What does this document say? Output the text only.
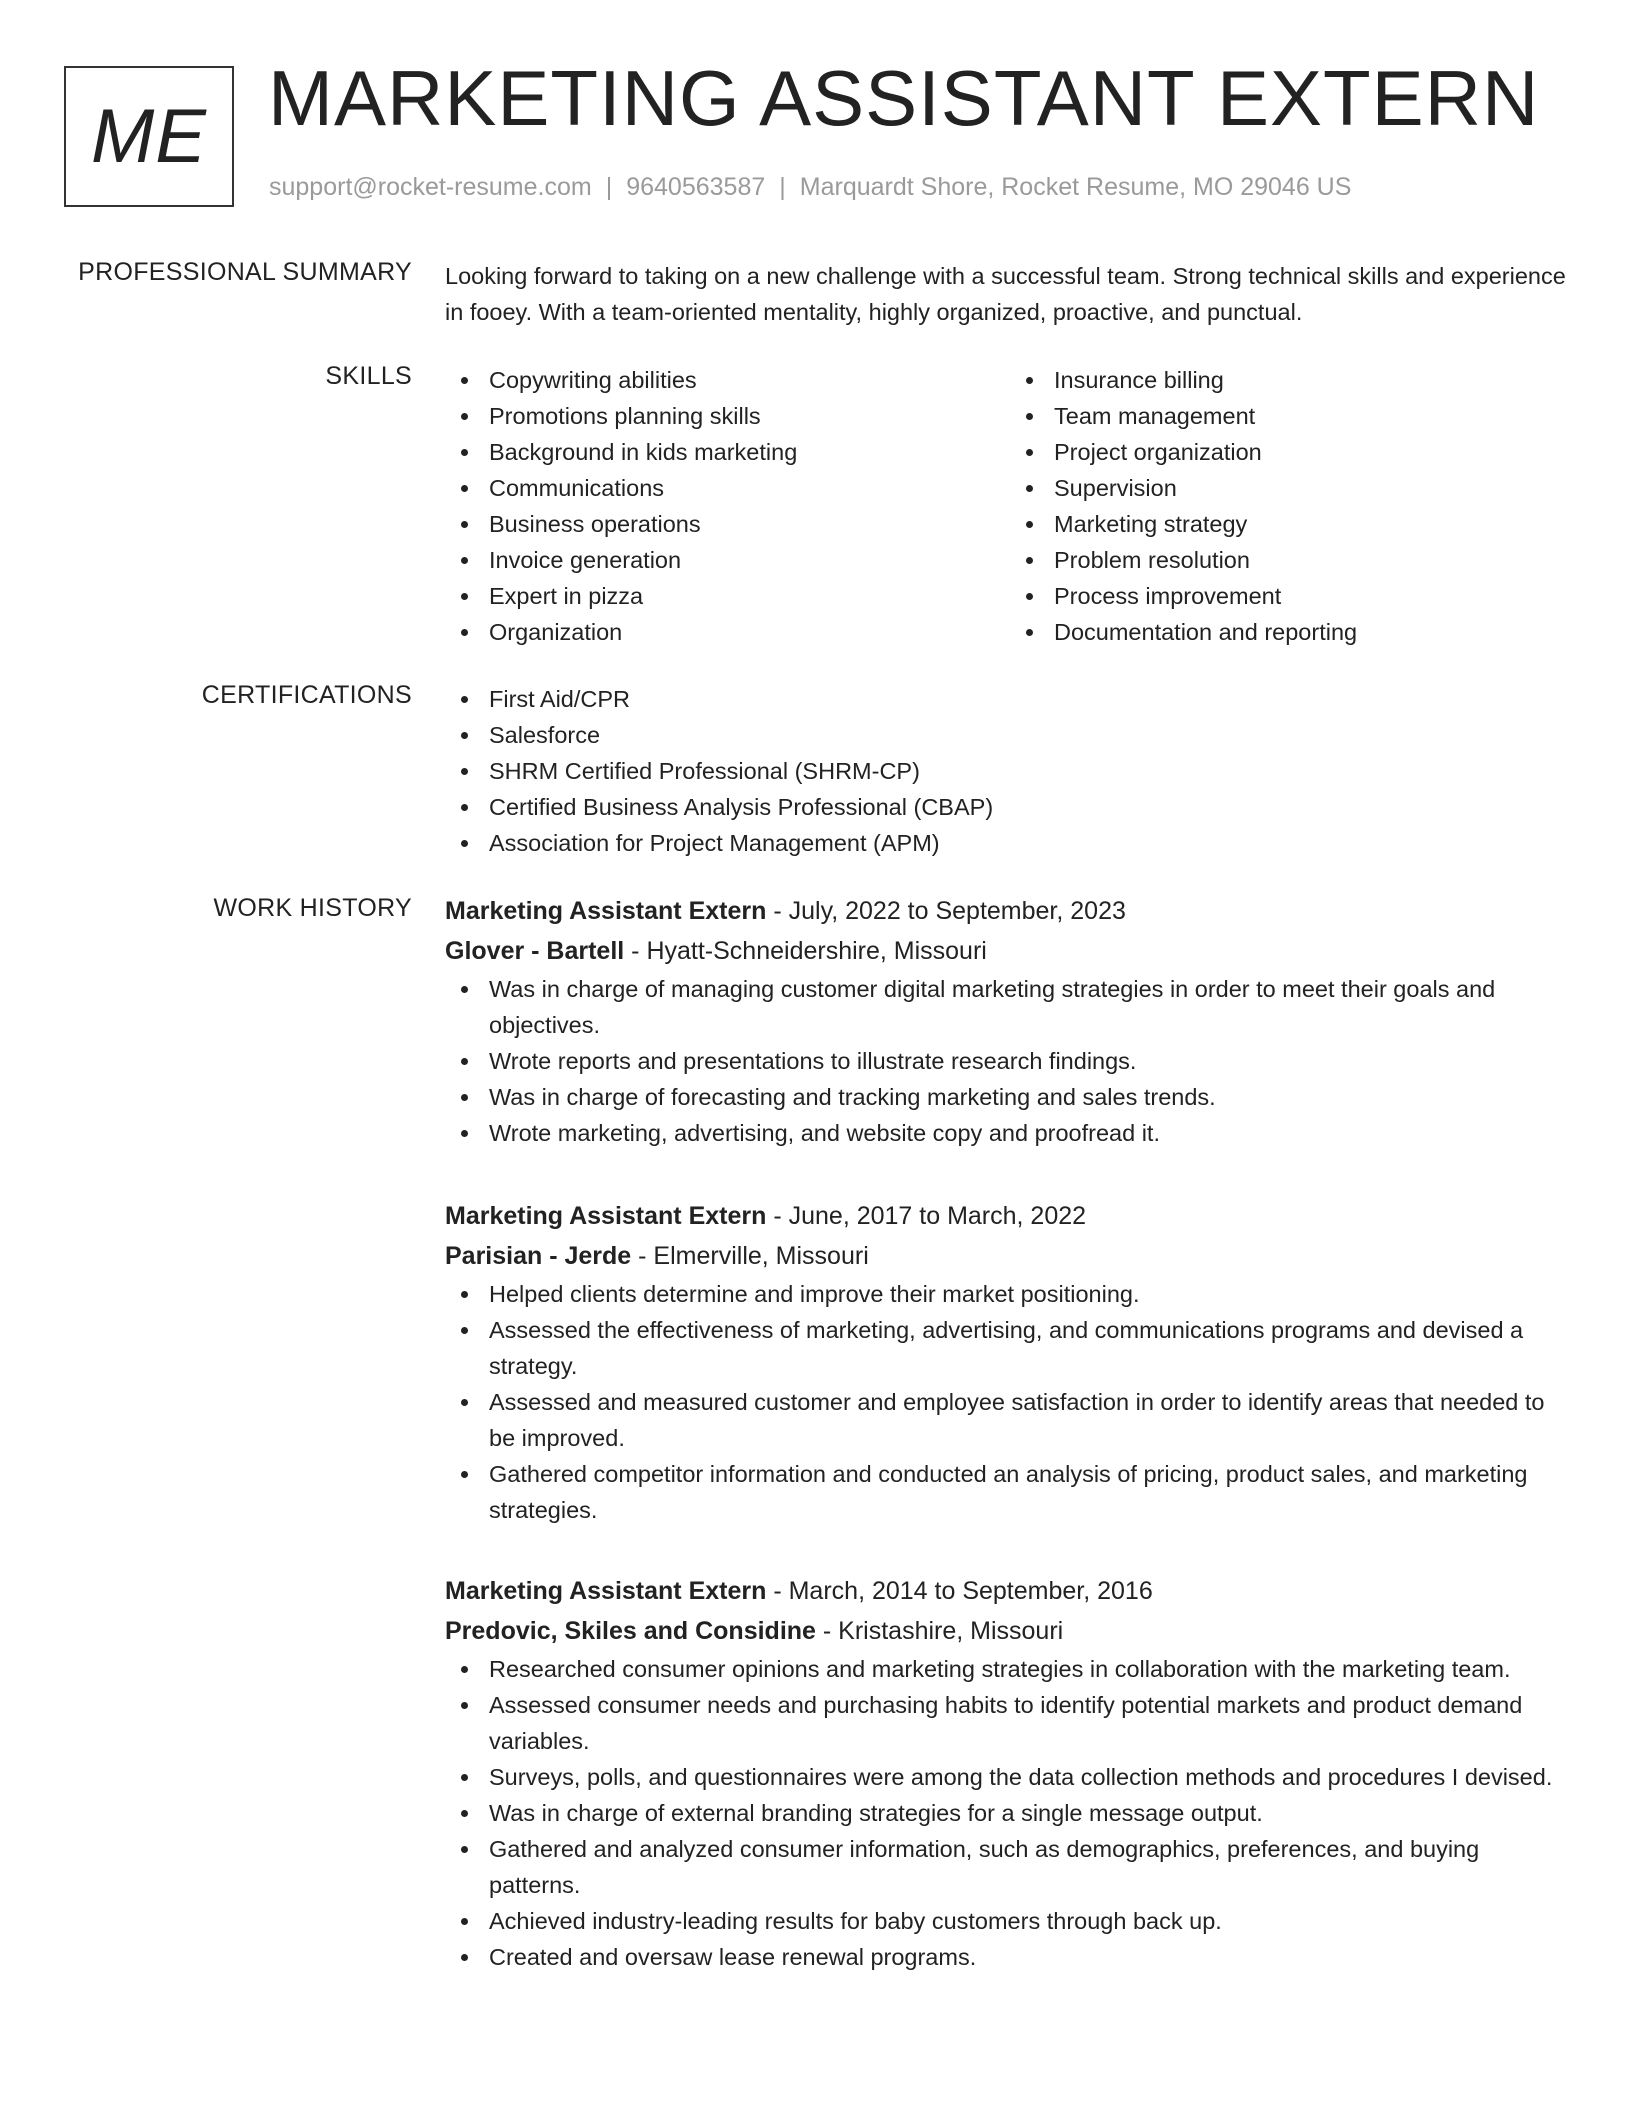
ME MARKETING ASSISTANT EXTERN
support@rocket-resume.com | 9640563587 | Marquardt Shore, Rocket Resume, MO 29046 US
PROFESSIONAL SUMMARY Looking forward to taking on a new challenge with a successful team. Strong technical skills and experience in fooey. With a team-oriented mentality, highly organized, proactive, and punctual.
SKILLS	Copywriting abilities
Promotions planning skills
Background in kids marketing
Communications
Business operations
Invoice generation
Expert in pizza
Organization
Insurance billing
Team management
Project organization
Supervision
Marketing strategy
Problem resolution
Process improvement
Documentation and reporting
CERTIFICATIONS	First Aid/CPR
Salesforce
SHRM Certified Professional (SHRM-CP)
Certified Business Analysis Professional (CBAP)
Association for Project Management (APM)
WORK HISTORY Marketing Assistant Extern - July, 2022 to September, 2023
Glover - Bartell - Hyatt-Schneidershire, Missouri
Was in charge of managing customer digital marketing strategies in order to meet their goals and objectives.
Wrote reports and presentations to illustrate research findings.
Was in charge of forecasting and tracking marketing and sales trends.
Wrote marketing, advertising, and website copy and proofread it.
Marketing Assistant Extern - June, 2017 to March, 2022
Parisian - Jerde - Elmerville, Missouri
Helped clients determine and improve their market positioning.
Assessed the effectiveness of marketing, advertising, and communications programs and devised a strategy.
Assessed and measured customer and employee satisfaction in order to identify areas that needed to be improved.
Gathered competitor information and conducted an analysis of pricing, product sales, and marketing strategies.
Marketing Assistant Extern - March, 2014 to September, 2016
Predovic, Skiles and Considine - Kristashire, Missouri
Researched consumer opinions and marketing strategies in collaboration with the marketing team.
Assessed consumer needs and purchasing habits to identify potential markets and product demand variables.
Surveys, polls, and questionnaires were among the data collection methods and procedures I devised.
Was in charge of external branding strategies for a single message output.
Gathered and analyzed consumer information, such as demographics, preferences, and buying patterns.
Achieved industry-leading results for baby customers through back up.
Created and oversaw lease renewal programs.
